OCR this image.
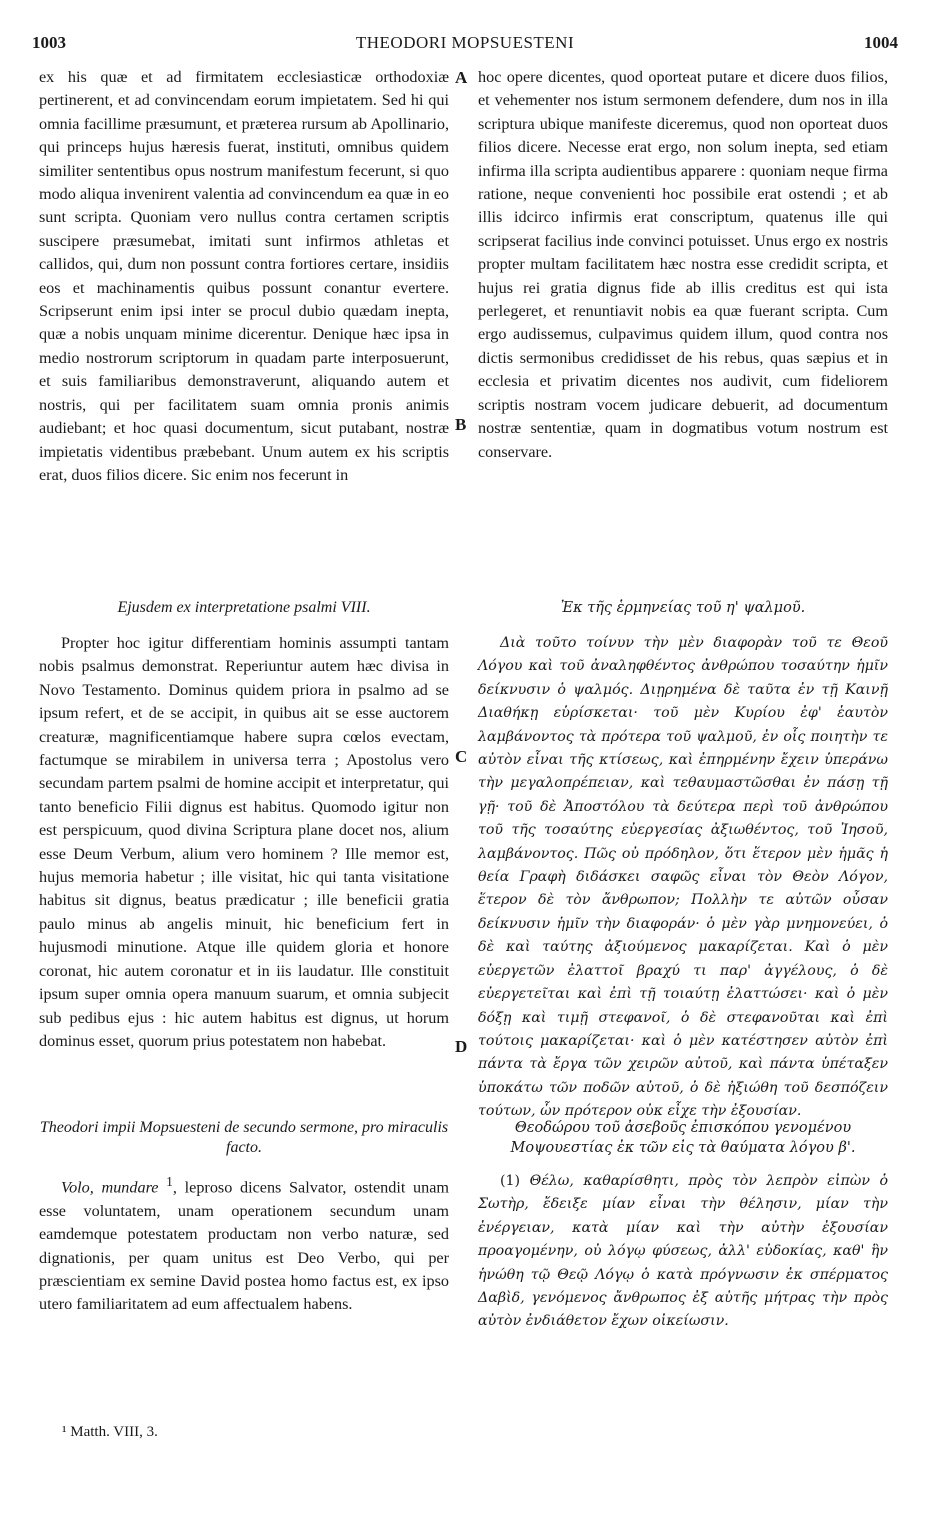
1003	THEODORI MOPSUESTENI	1004

ex his quæ et ad firmitatem ecclesiasticæ orthodoxiæ pertinerent, et ad convincendam eorum impietatem. Sed hi qui omnia facillime præsumunt, et præterea rursum ab Apollinario, qui princeps hujus hæresis fuerat, instituti, omnibus quidem similiter sententibus opus nostrum manifestum fecerunt, si quo modo aliqua invenirent valentia ad convincendum ea quæ in eo sunt scripta. Quoniam vero nullus contra certamen scriptis suscipere præsumebat, imitati sunt infirmos athletas et callidos, qui, dum non possunt contra fortiores certare, insidiis eos et machinamentis quibus possunt conantur evertere. Scripserunt enim ipsi inter se procul dubio quædam inepta, quæ a nobis unquam minime dicerentur. Denique hæc ipsa in medio nostrorum scriptorum in quadam parte interposuerunt, et suis familiaribus demonstraverunt, aliquando autem et nostris, qui per facilitatem suam omnia pronis animis audiebant; et hoc quasi documentum, sicut putabant, nostræ impietatis videntibus præbebant. Unum autem ex his scriptis erat, duos filios dicere. Sic enim nos fecerunt in

hoc opere dicentes, quod oporteat putare et dicere duos filios, et vehementer nos istum sermonem defendere, dum nos in illa scriptura ubique manifeste diceremus, quod non oporteat duos filios dicere. Necesse erat ergo, non solum inepta, sed etiam infirma illa scripta audientibus apparere : quoniam neque firma ratione, neque convenienti hoc possibile erat ostendi ; et ab illis idcirco infirmis erat conscriptum, quatenus ille qui scripserat facilius inde convinci potuisset. Unus ergo ex nostris propter multam facilitatem hæc nostra esse credidit scripta, et hujus rei gratia dignus fide ab illis creditus est qui ista perlegeret, et renuntiavit nobis ea quæ fuerant scripta. Cum ergo audissemus, culpavimus quidem illum, quod contra nos dictis sermonibus credidisset de his rebus, quas sæpius et in ecclesia et privatim dicentes nos audivit, cum fideliorem scriptis nostram vocem judicare debuerit, ad documentum nostræ sententiæ, quam in dogmatibus votum nostrum est conservare.

Ejusdem ex interpretatione psalmi VIII.

Propter hoc igitur differentiam hominis assumpti tantam nobis psalmus demonstrat. Reperiuntur autem hæc divisa in Novo Testamento. Dominus quidem priora in psalmo ad se ipsum refert, et de se accipit, in quibus ait se esse auctorem creaturæ, magnificentiamque habere supra cœlos evectam, factumque se mirabilem in universa terra ; Apostolus vero secundam partem psalmi de homine accipit et interpretatur, qui tanto beneficio Filii dignus est habitus. Quomodo igitur non est perspicuum, quod divina Scriptura plane docet nos, alium esse Deum Verbum, alium vero hominem ? Ille memor est, hujus memoria habetur ; ille visitat, hic qui tanta visitatione habitus sit dignus, beatus prædicatur ; ille beneficii gratia paulo minus ab angelis minuit, hic beneficium fert in hujusmodi minutione. Atque ille quidem gloria et honore coronat, hic autem coronatur et in iis laudatur. Ille constituit ipsum super omnia opera manuum suarum, et omnia subjecit sub pedibus ejus : hic autem habitus est dignus, ut horum dominus esset, quorum prius potestatem non habebat.

Ἐκ τῆς ἑρμηνείας τοῦ η' ψαλμοῦ.

Διὰ τοῦτο τοίνυν τὴν μὲν διαφορὰν τοῦ τε Θεοῦ Λόγου καὶ τοῦ ἀναληφθέντος ἀνθρώπου τοσαύτην ἡμῖν δείκνυσιν ὁ ψαλμός. Διῃρημένα δὲ ταῦτα ἐν τῇ Καινῇ Διαθήκῃ εὑρίσκεται· τοῦ μὲν Κυρίου ἐφ' ἑαυτὸν λαμβάνοντος τὰ πρότερα τοῦ ψαλμοῦ, ἐν οἷς ποιητὴν τε αὐτὸν εἶναι τῆς κτίσεως, καὶ ἐπηρμένην ἔχειν ὑπεράνω τὴν μεγαλοπρέπειαν, καὶ τεθαυμαστῶσθαι ἐν πάσῃ τῇ γῇ· τοῦ δὲ Ἀποστόλου τὰ δεύτερα περὶ τοῦ ἀνθρώπου τοῦ τῆς τοσαύτης εὐεργεσίας ἀξιωθέντος, τοῦ Ἰησοῦ, λαμβάνοντος. Πῶς οὐ πρόδηλον, ὅτι ἕτερον μὲν ἡμᾶς ἡ θεία Γραφὴ διδάσκει σαφῶς εἶναι τὸν Θεὸν Λόγον, ἕτερον δὲ τὸν ἄνθρωπον; Πολλὴν τε αὐτῶν οὖσαν δείκνυσιν ἡμῖν τὴν διαφοράν· ὁ μὲν γὰρ μνημονεύει, ὁ δὲ καὶ ταύτης ἀξιούμενος μακαρίζεται. Καὶ ὁ μὲν εὐεργετῶν ἐλαττοῖ βραχύ τι παρ' ἀγγέλους, ὁ δὲ εὐεργετεῖται καὶ ἐπὶ τῇ τοιαύτῃ ἐλαττώσει· καὶ ὁ μὲν δόξῃ καὶ τιμῇ στεφανοῖ, ὁ δὲ στεφανοῦται καὶ ἐπὶ τούτοις μακαρίζεται· καὶ ὁ μὲν κατέστησεν αὐτὸν ἐπὶ πάντα τὰ ἔργα τῶν χειρῶν αὐτοῦ, καὶ πάντα ὑπέταξεν ὑποκάτω τῶν ποδῶν αὐτοῦ, ὁ δὲ ἠξιώθη τοῦ δεσπόζειν τούτων, ὧν πρότερον οὐκ εἶχε τὴν ἐξουσίαν.

Theodori impii Mopsuesteni de secundo sermone, pro miraculis facto.

Volo, mundare $^1$, leproso dicens Salvator, ostendit unam esse voluntatem, unam operationem secundum unam eamdemque potestatem productam non verbo naturæ, sed dignationis, per quam unitus est Deo Verbo, qui per præscientiam ex semine David postea homo factus est, ex ipso utero familiaritatem ad eum affectualem habens.

Θεοδώρου τοῦ ἀσεβοῦς ἐπισκόπου γενομένου Μοψουεστίας ἐκ τῶν εἰς τὰ θαύματα λόγου β'.

(1) Θέλω, καθαρίσθητι, πρὸς τὸν λεπρὸν εἰπὼν ὁ Σωτὴρ, ἔδειξε μίαν εἶναι τὴν θέλησιν, μίαν τὴν ἐνέργειαν, κατὰ μίαν καὶ τὴν αὐτὴν ἐξουσίαν προαγομένην, οὐ λόγῳ φύσεως, ἀλλ' εὐδοκίας, καθ' ἣν ἡνώθη τῷ Θεῷ Λόγῳ ὁ κατὰ πρόγνωσιν ἐκ σπέρματος Δαβὶδ, γενόμενος ἄνθρωπος ἐξ αὐτῆς μήτρας τὴν πρὸς αὐτὸν ἐνδιάθετον ἔχων οἰκείωσιν.

A
B
C
D
¹ Matth. VIII, 3.
